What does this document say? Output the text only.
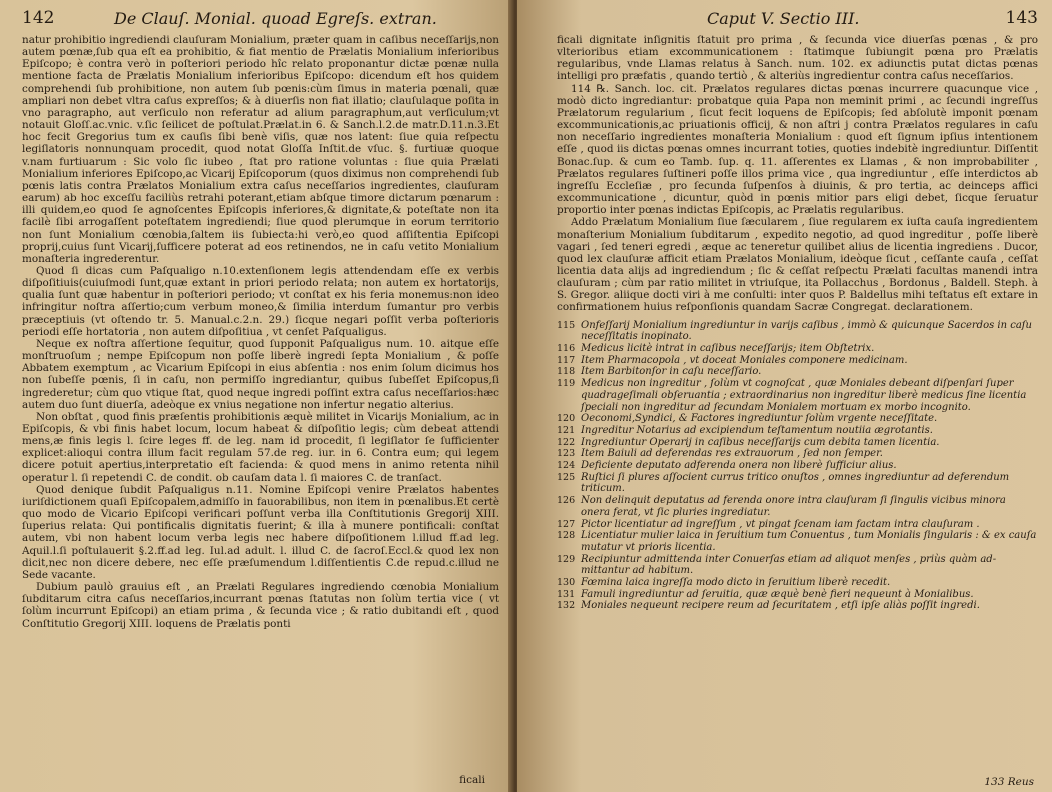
142	De Clauſ. Monial. quoad Egreſs. extran.

natur prohibitio ingrediendi clauſuram Monialium, præter quam in caſibus neceſſarijs,non autem pœnæ,ſub qua eſt ea prohibitio, & fiat mentio de Prælatis Monialium inferioribus Epiſcopo; è contra verò in poſteriori periodo hîc relato proponantur dictæ pœnæ nulla mentione facta de Prælatis Monialium inferioribus Epiſcopo: dicendum eſt hos quidem comprehendi ſub prohibitione, non autem ſub pœnis:cùm ſimus in materia pœnali, quæ ampliari non debet vltra caſus expreſſos; & à diuerſis non fiat illatio; clauſulaque poſita in vno paragrapho, aut verſiculo non referatur ad alium paragraphum,aut verſiculum;vt notauit Gloſſ.ac.vnic. v.ſic ſeilicet de poſtulat.Prælat.in 6. & Sanch.l.2.de matr.D.11.n.3.Et hoc fecit Gregorius tum ex cauſis ſibi benè viſis, quæ nos latent: ſiue quia reſpectu legiſlatoris nonnunquam procedit, quod notat Gloſſa Inſtit.de vſuc. §. furtiuæ quoque v.nam furtiuarum : Sic volo ſic iubeo , ſtat pro ratione voluntas : ſiue quia Prælati Monialium inferiores Epiſcopo,ac Vicarij Epiſcoporum (quos diximus non comprehendi ſub pœnis latis contra Prælatos Monialium extra caſus neceſſarios ingredientes, clauſuram earum) ab hoc exceſſu faciliùs retrahi poterant,etiam abſque timore dictarum pœnarum : illi quidem,eo quod ſe agnoſcentes Epiſcopis inferiores,& dignitate,& poteſtate non ita facilè ſibi arrogaſſent poteſtatem ingrediendi; ſiue quod plerumque in eorum territorio non ſunt Monialium cœnobia,ſaltem iis ſubiecta:hi verò,eo quod aſſiſtentia Epiſcopi proprij,cuius ſunt Vicarij,ſufficere poterat ad eos retinendos, ne in caſu vetito Monialium monaſteria ingrederentur.

Quod ſi dicas cum Paſqualigo n.10.extenſionem legis attendendam eſſe ex verbis diſpoſitiuis(cuiuſmodi ſunt,quæ extant in priori periodo relata; non autem ex hortatorijs, qualia ſunt quæ habentur in poſteriori periodo; vt conſtat ex his feria monemus:non ideo infringitur noſtra aſſertio;cum verbum moneo,& ſimilia interdum ſumantur pro verbis præceptiuis (vt oſtendo tr. 5. Manual.c.2.n. 29.) ſicque negari poſſit verba poſterioris periodi eſſe hortatoria , non autem diſpoſitiua , vt cenſet Paſqualigus.

Neque ex noſtra aſſertione ſequitur, quod ſupponit Paſqualigus num. 10. aitque eſſe monſtruoſum ; nempe Epiſcopum non poſſe liberè ingredi ſepta Monialium , & poſſe Abbatem exemptum , ac Vicarium Epiſcopi in eius abſentia : nos enim ſolum dicimus hos non ſubeſſe pœnis, ſi in caſu, non permiſſo ingrediantur, quibus ſubeſſet Epiſcopus,ſi ingrederetur; cùm quo vtique ſtat, quod neque ingredi poſſint extra caſus neceſſarios:hæc autem duo ſunt diuerſa, adeòque ex vnius negatione non infertur negatio alterius.

Non obſtat , quod finis præſentis prohibitionis æquè militet in Vicarijs Monialium, ac in Epiſcopis, & vbi finis habet locum, locum habeat & diſpoſitio legis; cùm debeat attendi mens,æ finis legis l. ſcire leges ff. de leg. nam id procedit, ſi legiſlator ſe ſufficienter explicet:alioqui contra illum facit regulam 57.de reg. iur. in 6. Contra eum; qui legem dicere potuit apertius,interpretatio eſt facienda: & quod mens in animo retenta nihil operatur l. ſi repetendi C. de condit. ob cauſam data l. ſi maiores C. de tranſact.

Quod denique ſubdit Paſqualigus n.11. Nomine Epiſcopi venire Prælatos habentes iuriſdictionem quaſi Epiſcopalem,admiſſo in fauorabilibus, non item in pœnalibus.Et certè quo modo de Vicario Epiſcopi verificari poſſunt verba illa Conſtitutionis Gregorij XIII. ſuperius relata: Qui pontificalis dignitatis fuerint; & illa à munere pontificali: conſtat autem, vbi non habent locum verba legis nec habere diſpoſitionem l.illud ff.ad leg. Aquil.l.ſi poſtulauerit §.2.ff.ad leg. Iul.ad adult. l. illud C. de ſacroſ.Eccl.& quod lex non dicit,nec non dicere debere, nec eſſe præſumendum l.diſſentientis C.de repud.c.illud ne Sede vacante.

Dubium paulò grauius eſt , an Prælati Regulares ingrediendo cœnobia Monialium ſubditarum citra caſus neceſſarios,incurrant pœnas ſtatutas non ſolùm tertia vice ( vt ſolùm incurrunt Epiſcopi) an etiam prima , & ſecunda vice ; & ratio dubitandi eſt , quod Conſtitutio Gregorij XIII. loquens de Prælatis ponti

ficali
Caput V. Sectio III.	143

ficali dignitate inſignitis ſtatuit pro prima , & ſecunda vice diuerſas pœnas , & pro vlterioribus etiam excommunicationem : ſtatimque ſubiungit pœna pro Prælatis regularibus, vnde Llamas relatus à Sanch. num. 102. ex adiunctis putat dictas pœnas intelligi pro præfatis , quando tertiò , & alteriùs ingredientur contra caſus neceſſarios.

114 ℞. Sanch. loc. cit. Prælatos regulares dictas pœnas incurrere quacunque vice , modò dicto ingrediantur: probatque quia Papa non meminit primi , ac ſecundi ingreſſus Prælatorum regularium , ſicut fecit loquens de Epiſcopis; ſed abſolutè imponit pœnam excommunicationis,ac priuationis officij, & non aſtri j contra Prælatos regulares in caſu non neceſſario ingredientes monaſteria Monialium : quod eſt ſignum ipſius intentionem eſſe , quod iis dictas pœnas omnes incurrant toties, quoties indebitè ingrediuntur. Diſſentit Bonac.ſup. & cum eo Tamb. ſup. q. 11. aſſerentes ex Llamas , & non improbabiliter , Prælatos regulares ſuſtineri poſſe illos prima vice , qua ingrediuntur , eſſe interdictos ab ingreſſu Eccleſiæ , pro ſecunda ſuſpenſos à diuinis, & pro tertia, ac deinceps affici excommunicatione , dicuntur, quòd in pœnis mitior pars eligi debet, ſicque ſeruatur proportio inter pœnas indictas Epiſcopis, ac Prælatis regularibus.

Addo Prælatum Monialium ſiue ſæcularem , ſiue regularem ex iuſta cauſa ingredientem monaſterium Monialium ſubditarum , expedito negotio, ad quod ingreditur , poſſe liberè vagari , ſed teneri egredi , æque ac teneretur quilibet alius de licentia ingrediens . Ducor, quod lex clauſuræ afficit etiam Prælatos Monialium, ideòque ſicut , ceſſante cauſa , ceſſat licentia data alijs ad ingrediendum ; ſic & ceſſat reſpectu Prælati facultas manendi intra clauſuram ; cùm par ratio militet in vtriuſque, ita Pollacchus , Bordonus , Baldell. Steph. à S. Gregor. aliique docti viri à me conſulti: inter quos P. Baldellus mihi teſtatus eſt extare in confirmationem huius reſponſionis quandam Sacræ Congregat. declarationem.

115 Onfeſſarij Monialium ingrediuntur in varijs caſibus , immò & quicunque Sacerdos in caſu neceſſitatis inopinato.
116 Medicus licitè intrat in caſibus neceſſarijs; item Obſtetrix.
117 Item Pharmacopola , vt doceat Moniales componere medicinam.
118 Item Barbitonſor in caſu neceſſario.
119 Medicus non ingreditur , ſolùm vt cognoſcat , quæ Moniales debeant diſpenſari ſuper quadrageſimali obſeruantia ; extraordinarius non ingreditur liberè medicus ſine licentia ſpeciali non ingreditur ad ſecundam Monialem mortuam ex morbo incognito.
120 Oeconomi,Syndici, & Factores ingrediuntur ſolùm vrgente neceſſitate.
121 Ingreditur Notarius ad excipiendum teſtamentum noutiia ægrotantis.
122 Ingrediuntur Operarij in caſibus neceſſarijs cum debita tamen licentia.
123 Item Baiuli ad deferendas res extrauorum , ſed non ſemper.
124 Deficiente deputato adferenda onera non liberè ſufficiur alius.
125 Ruſtici ſi plures aſſocient currus tritico onuſtos , omnes ingrediuntur ad deferendum triticum.
126 Non delinquit deputatus ad ferenda onore intra clauſuram ſi ſingulis vicibus minora onera ferat, vt ſic pluries ingrediatur.
127 Pictor licentiatur ad ingreſſum , vt pingat ſcenam iam factam intra clauſuram .
128 Licentiatur mulier laica in ſeruitium tum Conuentus , tum Monialis ſingularis : & ex cauſa mutatur vt prioris licentia.
129 Recipiuntur admittenda inter Conuerſas etiam ad aliquot menſes , priùs quàm admittantur ad habitum.
130 Fœmina laica ingreſſa modo dicto in ſeruitium liberè recedit.
131 Famuli ingrediuntur ad ſeruitia, quæ æquè benè fieri nequeunt à Monialibus.
132 Moniales nequeunt recipere reum ad ſecuritatem , etſi ipſe aliàs poſſit ingredi.
133 Reus
